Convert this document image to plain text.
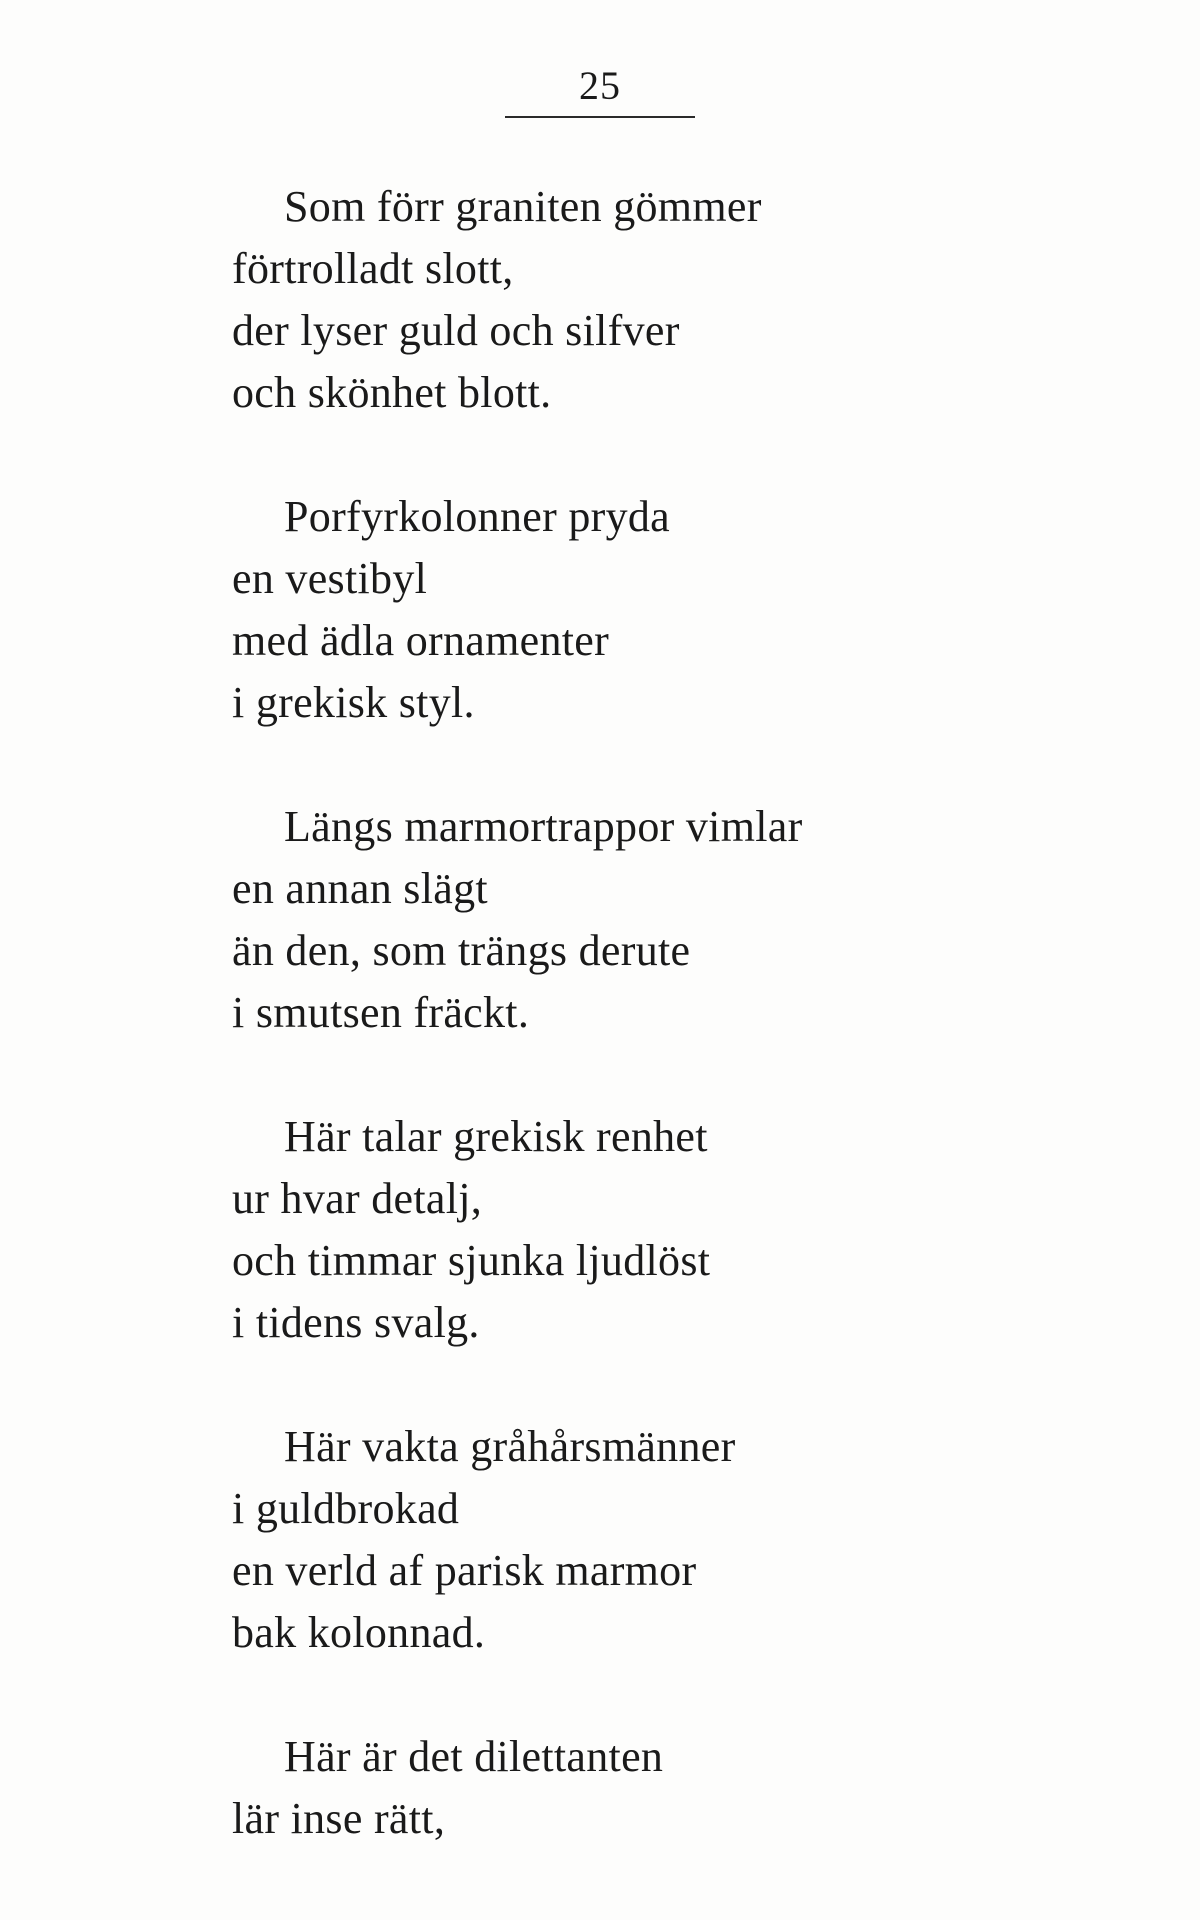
25
Som förr graniten gömmer
förtrolladt slott,
der lyser guld och silfver
och skönhet blott.
Porfyrkolonner pryda
en vestibyl
med ädla ornamenter
i grekisk styl.
Längs marmortrappor vimlar
en annan slägt
än den, som trängs derute
i smutsen fräckt.
Här talar grekisk renhet
ur hvar detalj,
och timmar sjunka ljudlöst
i tidens svalg.
Här vakta gråhårsmänner
i guldbrokad
en verld af parisk marmor
bak kolonnad.
Här är det dilettanten
lär inse rätt,
